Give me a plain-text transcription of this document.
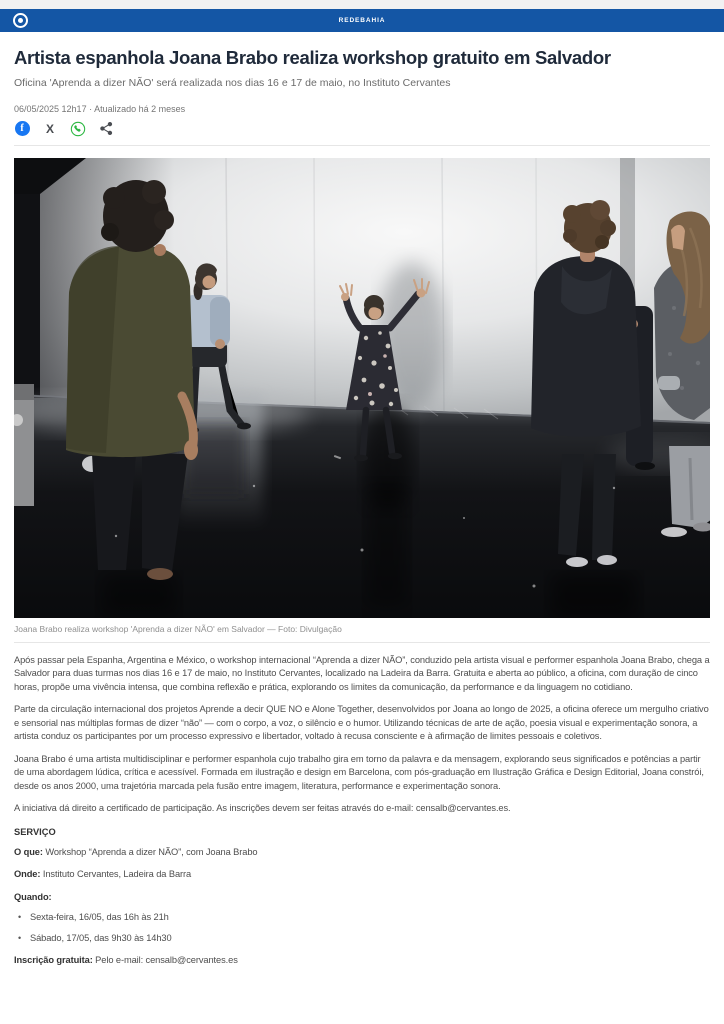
REDEBAHIA
Artista espanhola Joana Brabo realiza workshop gratuito em Salvador
Oficina 'Aprenda a dizer NÃO' será realizada nos dias 16 e 17 de maio, no Instituto Cervantes
06/05/2025 12h17 · Atualizado há 2 meses
f	X
Joana Brabo realiza workshop 'Aprenda a dizer NÃO' em Salvador — Foto: Divulgação

Após passar pela Espanha, Argentina e México, o workshop internacional “Aprenda a dizer NÃO”, conduzido pela artista visual e performer espanhola Joana Brabo, chega a Salvador para duas turmas nos dias 16 e 17 de maio, no Instituto Cervantes, localizado na Ladeira da Barra. Gratuita e aberta ao público, a oficina, com duração de cinco horas, propõe uma vivência intensa, que combina reflexão e prática, explorando os limites da comunicação, da performance e da linguagem no cotidiano.

Parte da circulação internacional dos projetos Aprende a decir QUE NO e Alone Together, desenvolvidos por Joana ao longo de 2025, a oficina oferece um mergulho criativo e sensorial nas múltiplas formas de dizer “não” — com o corpo, a voz, o silêncio e o humor. Utilizando técnicas de arte de ação, poesia visual e experimentação sonora, a artista conduz os participantes por um processo expressivo e libertador, voltado à recusa consciente e à afirmação de limites pessoais e coletivos.

Joana Brabo é uma artista multidisciplinar e performer espanhola cujo trabalho gira em torno da palavra e da mensagem, explorando seus significados e potências a partir de uma abordagem lúdica, crítica e acessível. Formada em ilustração e design em Barcelona, com pós-graduação em Ilustração Gráfica e Design Editorial, Joana constrói, desde os anos 2000, uma trajetória marcada pela fusão entre imagem, literatura, performance e experimentação sonora.

A iniciativa dá direito a certificado de participação. As inscrições devem ser feitas através do e-mail: censalb@cervantes.es.

SERVIÇO

O que: Workshop “Aprenda a dizer NÃO”, com Joana Brabo

Onde: Instituto Cervantes, Ladeira da Barra

Quando:

• Sexta-feira, 16/05, das 16h às 21h
• Sábado, 17/05, das 9h30 às 14h30

Inscrição gratuita: Pelo e-mail: censalb@cervantes.es
